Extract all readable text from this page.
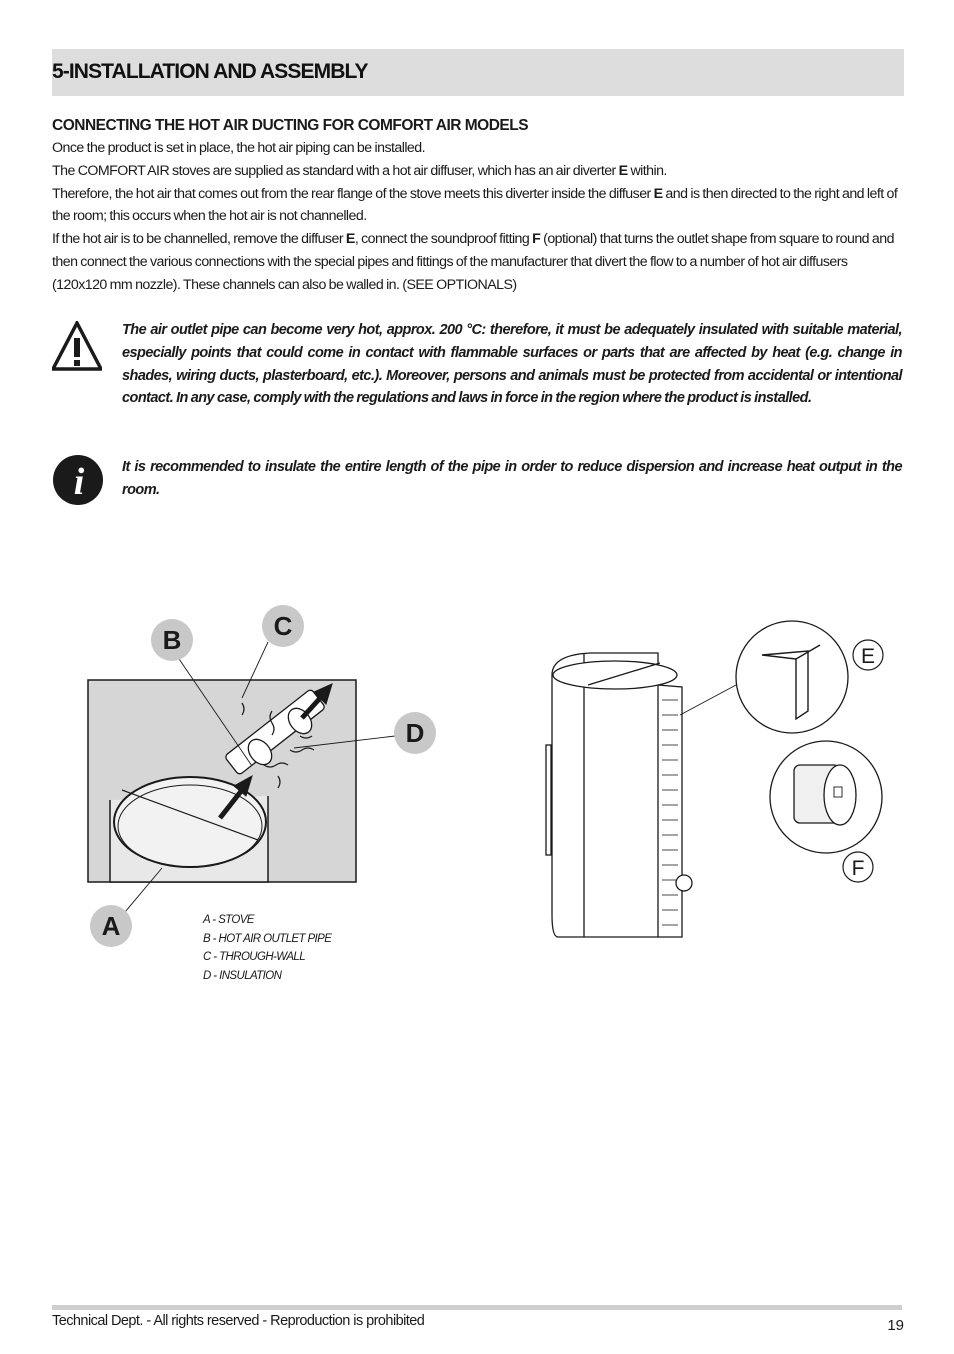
5-INSTALLATION AND ASSEMBLY
CONNECTING THE HOT AIR DUCTING FOR COMFORT AIR MODELS

Once the product is set in place, the hot air piping can be installed.

The COMFORT AIR stoves are supplied as standard with a hot air diffuser, which has an air diverter E within.

Therefore, the hot air that comes out from the rear flange of the stove meets this diverter inside the diffuser E and is then directed to the right and left of the room; this occurs when the hot air is not channelled.

If the hot air is to be channelled, remove the diffuser E, connect the soundproof fitting F (optional) that turns the outlet shape from square to round and then connect the various connections with the special pipes and fittings of the manufacturer that divert the flow to a number of hot air diffusers (120x120 mm nozzle). These channels can also be walled in. (SEE OPTIONALS)

The air outlet pipe can become very hot, approx. 200 °C: therefore, it must be adequately insulated with suitable material, especially points that could come in contact with flammable surfaces or parts that are affected by heat (e.g. change in shades, wiring ducts, plasterboard, etc.). Moreover, persons and animals must be protected from accidental or intentional contact. In any case, comply with the regulations and laws in force in the region where the product is installed.

i	It is recommended to insulate the entire length of the pipe in order to reduce dispersion and increase heat output in the room.

B	C
D
A	A - STOVE
B - HOT AIR OUTLET PIPE
C - THROUGH-WALL
D - INSULATION
E
F
Technical Dept. - All rights reserved - Reproduction is prohibited	19
